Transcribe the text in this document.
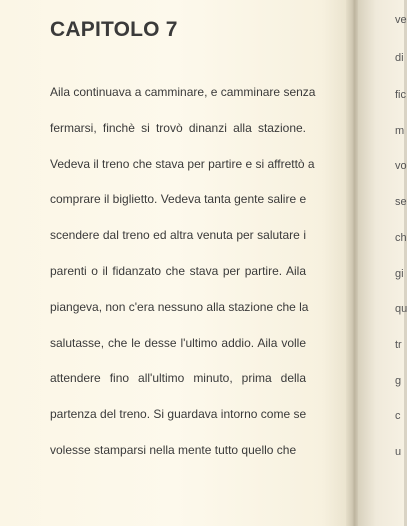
CAPITOLO 7
Aila continuava a camminare, e camminare senza
fermarsi, finchè si trovò dinanzi alla stazione.
Vedeva il treno che stava per partire e si affrettò a
comprare il biglietto. Vedeva tanta gente salire e
scendere dal treno ed altra venuta per salutare i
parenti o il fidanzato che stava per partire. Aila
piangeva, non c'era nessuno alla stazione che la
salutasse, che le desse l'ultimo addio. Aila volle
attendere fino all'ultimo minuto, prima della
partenza del treno. Si guardava intorno come se
volesse stamparsi nella mente tutto quello che
ve
di
fic
m
vo
se
ch
gi
qu
tr
g
c
u
